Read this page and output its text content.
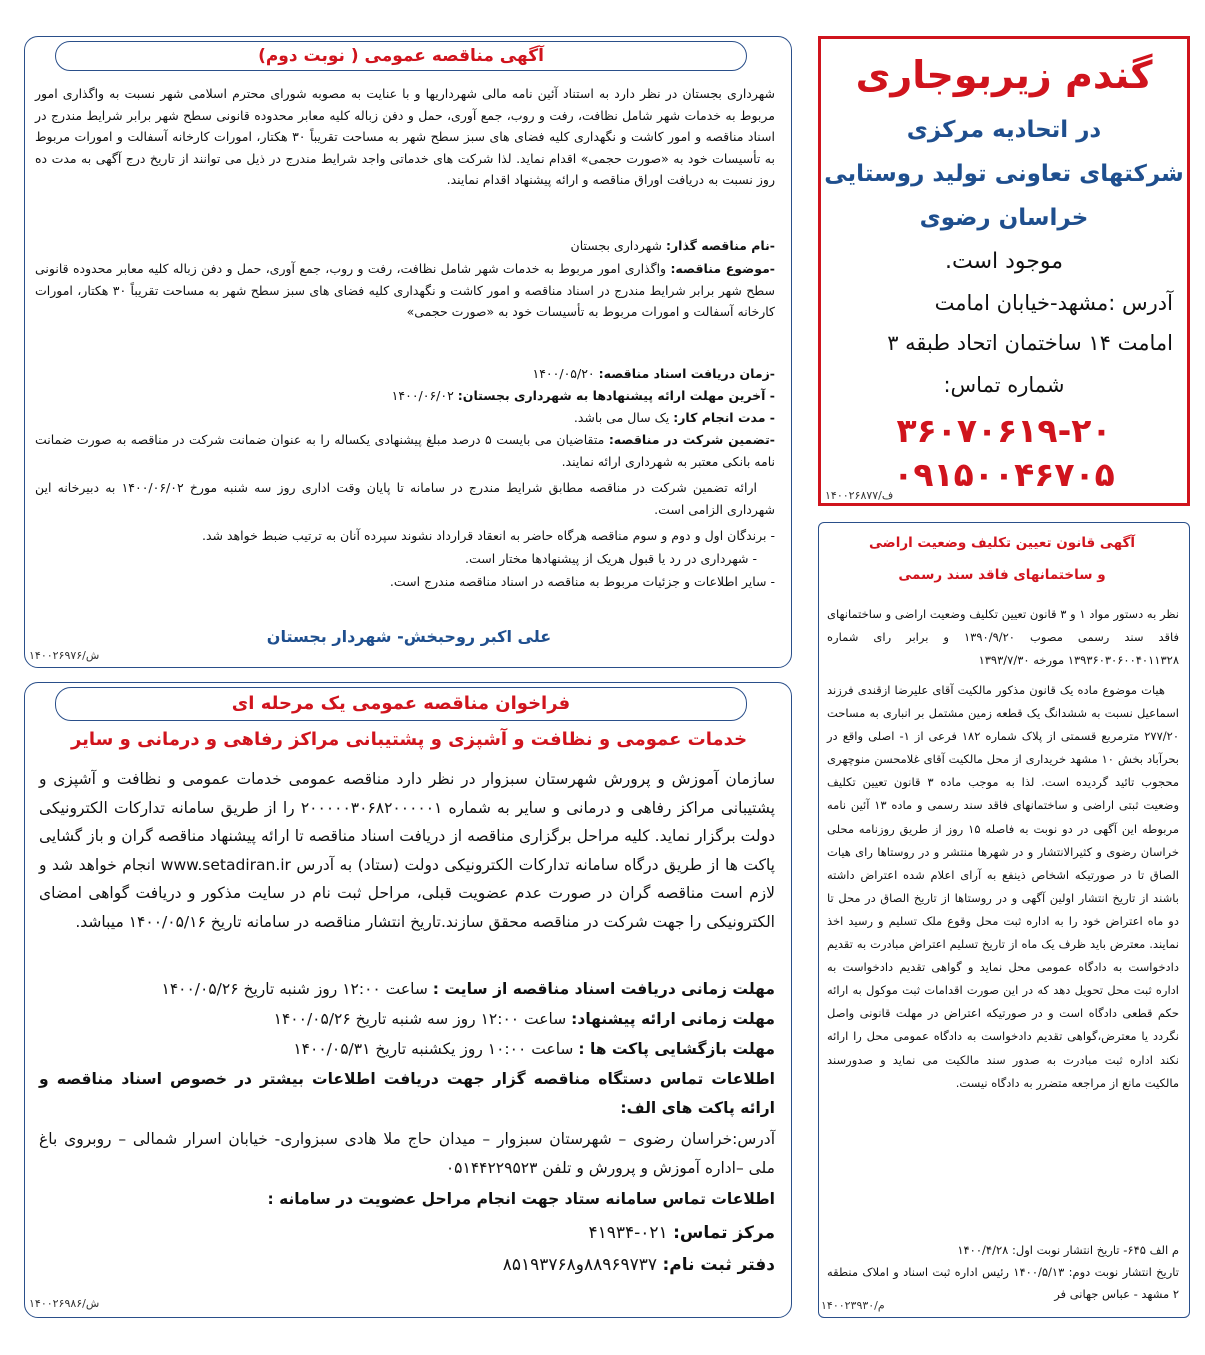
آگهی مناقصه عمومی ( نوبت دوم)

شهرداری بجستان در نظر دارد به استناد آئین نامه مالی شهرداریها و با عنایت به مصوبه شورای محترم اسلامی شهر نسبت به واگذاری امور مربوط به خدمات شهر شامل نظافت، رفت و روب، جمع آوری، حمل و دفن زباله کلیه معابر محدوده قانونی سطح شهر برابر شرایط مندرج در اسناد مناقصه و امور کاشت و نگهداری کلیه فضای های سبز سطح شهر به مساحت تقریباً ۳۰ هکتار، امورات کارخانه آسفالت و امورات مربوط به تأسیسات خود به «صورت حجمی» اقدام نماید. لذا شرکت های خدماتی واجد شرایط مندرج در ذیل می توانند از تاریخ درج آگهی به مدت ده روز نسبت به دریافت اوراق مناقصه و ارائه پیشنهاد اقدام نمایند.

-نام مناقصه گذار: شهرداری بجستان
-موضوع مناقصه: واگذاری امور مربوط به خدمات شهر شامل نظافت، رفت و روب، جمع آوری، حمل و دفن زباله کلیه معابر محدوده قانونی سطح شهر برابر شرایط مندرج در اسناد مناقصه و امور کاشت و نگهداری کلیه فضای های سبز سطح شهر به مساحت تقریباً ۳۰ هکتار، امورات کارخانه آسفالت و امورات مربوط به تأسیسات خود به «صورت حجمی»
-زمان دریافت اسناد مناقصه: ۱۴۰۰/۰۵/۲۰
- آخرین مهلت ارائه پیشنهادها به شهرداری بجستان: ۱۴۰۰/۰۶/۰۲
- مدت انجام کار: یک سال می باشد.
-تضمین شرکت در مناقصه: متقاضیان می بایست ۵ درصد مبلغ پیشنهادی یکساله را به عنوان ضمانت شرکت در مناقصه به صورت ضمانت نامه بانکی معتبر به شهرداری ارائه نمایند.

ارائه تضمین شرکت در مناقصه مطابق شرایط مندرج در سامانه تا پایان وقت اداری روز سه شنبه مورخ ۱۴۰۰/۰۶/۰۲ به دبیرخانه این شهرداری الزامی است.

- برندگان اول و دوم و سوم مناقصه هرگاه حاضر به انعقاد قرارداد نشوند سپرده آنان به ترتیب ضبط خواهد شد.

- شهرداری در رد یا قبول هریک از پیشنهادها مختار است.

- سایر اطلاعات و جزئیات مربوط به مناقصه در اسناد مناقصه مندرج است.

علی اکبر روحبخش- شهردار بجستان
۱۴۰۰۲۶۹۷۶/ش
فراخوان مناقصه عمومی یک مرحله ای
خدمات عمومی و نظافت و آشپزی و پشتیبانی مراکز رفاهی و درمانی و سایر

سازمان آموزش و پرورش شهرستان سبزوار در نظر دارد مناقصه عمومی خدمات عمومی و نظافت و آشپزی و پشتیبانی مراکز رفاهی و درمانی و سایر به شماره ۲۰۰۰۰۰۳۰۶۸۲۰۰۰۰۰۱ را از طریق سامانه تدارکات الکترونیکی دولت برگزار نماید. کلیه مراحل برگزاری مناقصه از دریافت اسناد مناقصه تا ارائه پیشنهاد مناقصه گران و باز گشایی پاکت ها از طریق درگاه سامانه تدارکات الکترونیکی دولت (ستاد) به آدرس www.setadiran.ir انجام خواهد شد و لازم است مناقصه گران در صورت عدم عضویت قبلی، مراحل ثبت نام در سایت مذکور و دریافت گواهی امضای الکترونیکی را جهت شرکت در مناقصه محقق سازند.تاریخ انتشار مناقصه در سامانه تاریخ ۱۴۰۰/۰۵/۱۶ میباشد.

مهلت زمانی دریافت اسناد مناقصه از سایت : ساعت ۱۲:۰۰ روز شنبه تاریخ ۱۴۰۰/۰۵/۲۶
مهلت زمانی ارائه پیشنهاد: ساعت ۱۲:۰۰ روز سه شنبه تاریخ ۱۴۰۰/۰۵/۲۶
مهلت بازگشایی پاکت ها : ساعت ۱۰:۰۰ روز یکشنبه تاریخ ۱۴۰۰/۰۵/۳۱

اطلاعات تماس دستگاه مناقصه گزار جهت دریافت اطلاعات بیشتر در خصوص اسناد مناقصه و ارائه پاکت های الف:

آدرس:خراسان رضوی – شهرستان سبزوار – میدان حاج ملا هادی سبزواری- خیابان اسرار شمالی – روبروی باغ ملی –اداره آموزش و پرورش و تلفن ۰۵۱۴۴۲۲۹۵۲۳

اطلاعات تماس سامانه ستاد جهت انجام مراحل عضویت در سامانه :

مرکز تماس: ۰۲۱-۴۱۹۳۴
دفتر ثبت نام: ۸۸۹۶۹۷۳۷و۸۵۱۹۳۷۶۸
۱۴۰۰۲۶۹۸۶/ش
گندم زیربوجاری
در اتحادیه مرکزی
شرکتهای تعاونی تولید روستایی
خراسان رضوی
موجود است.
آدرس :مشهد-خیابان امامت
امامت ۱۴ ساختمان اتحاد طبقه ۳
شماره تماس:
۳۶۰۷۰۶۱۹-۲۰
۰۹۱۵۰۰۴۶۷۰۵
۱۴۰۰۲۶۸۷۷/ف
آگهی قانون تعیین تکلیف وضعیت اراضی
و ساختمانهای فاقد سند رسمی

نظر به دستور مواد ۱ و ۳ قانون تعیین تکلیف وضعیت اراضی و ساختمانهای فاقد سند رسمی مصوب ۱۳۹۰/۹/۲۰ و برابر رای شماره ۱۳۹۳۶۰۳۰۶۰۰۴۰۱۱۳۲۸ مورخه ۱۳۹۳/۷/۳۰

هیات موضوع ماده یک قانون مذکور مالکیت آقای علیرضا ازقندی فرزند اسماعیل نسبت به ششدانگ یک قطعه زمین مشتمل بر انباری به مساحت ۲۷۷/۲۰ مترمربع قسمتی از پلاک شماره ۱۸۲ فرعی از ۱- اصلی واقع در بحرآباد بخش ۱۰ مشهد خریداری از محل مالکیت آقای غلامحسن منوچهری محجوب تائید گردیده است. لذا به موجب ماده ۳ قانون تعیین تکلیف وضعیت ثبتی اراضی و ساختمانهای فاقد سند رسمی و ماده ۱۳ آئین نامه مربوطه این آگهی در دو نوبت به فاصله ۱۵ روز از طریق روزنامه محلی خراسان رضوی و کثیرالانتشار و در شهرها منتشر و در روستاها رای هیات الصاق تا در صورتیکه اشخاص ذینفع به آرای اعلام شده اعتراض داشته باشند از تاریخ انتشار اولین آگهی و در روستاها از تاریخ الصاق در محل تا دو ماه اعتراض خود را به اداره ثبت محل وقوع ملک تسلیم و رسید اخذ نمایند. معترض باید ظرف یک ماه از تاریخ تسلیم اعتراض مبادرت به تقدیم دادخواست به دادگاه عمومی محل نماید و گواهی تقدیم دادخواست به اداره ثبت محل تحویل دهد که در این صورت اقدامات ثبت موکول به ارائه حکم قطعی دادگاه است و در صورتیکه اعتراض در مهلت قانونی واصل نگردد یا معترض،گواهی تقدیم دادخواست به دادگاه عمومی محل را ارائه نکند اداره ثبت مبادرت به صدور سند مالکیت می نماید و صدورسند مالکیت مانع از مراجعه متضرر به دادگاه نیست.

م الف ۶۴۵- تاریخ انتشار نوبت اول: ۱۴۰۰/۴/۲۸
تاریخ انتشار نوبت دوم: ۱۴۰۰/۵/۱۳ رئیس اداره ثبت اسناد و املاک منطقه ۲ مشهد - عباس جهانی فر
۱۴۰۰۲۳۹۳۰/م
